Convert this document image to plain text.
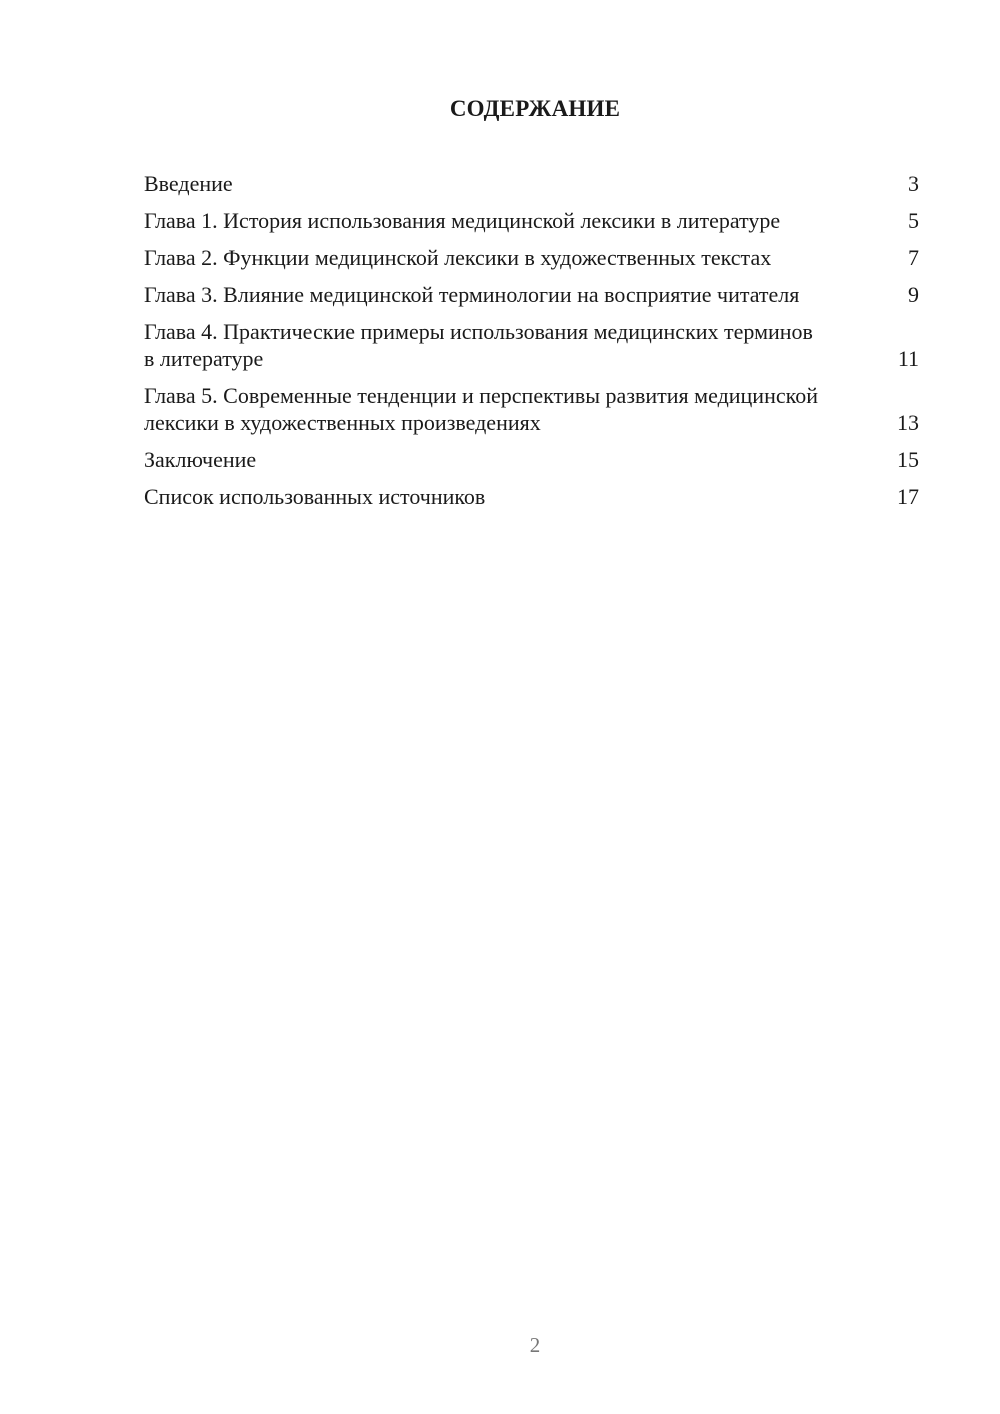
СОДЕРЖАНИЕ
Введение	3
Глава 1. История использования медицинской лексики в литературе	5
Глава 2. Функции медицинской лексики в художественных текстах	7
Глава 3. Влияние медицинской терминологии на восприятие читателя	9
Глава 4. Практические примеры использования медицинских терминов в литературе	11
Глава 5. Современные тенденции и перспективы развития медицинской лексики в художественных произведениях	13
Заключение	15
Список использованных источников	17
2
